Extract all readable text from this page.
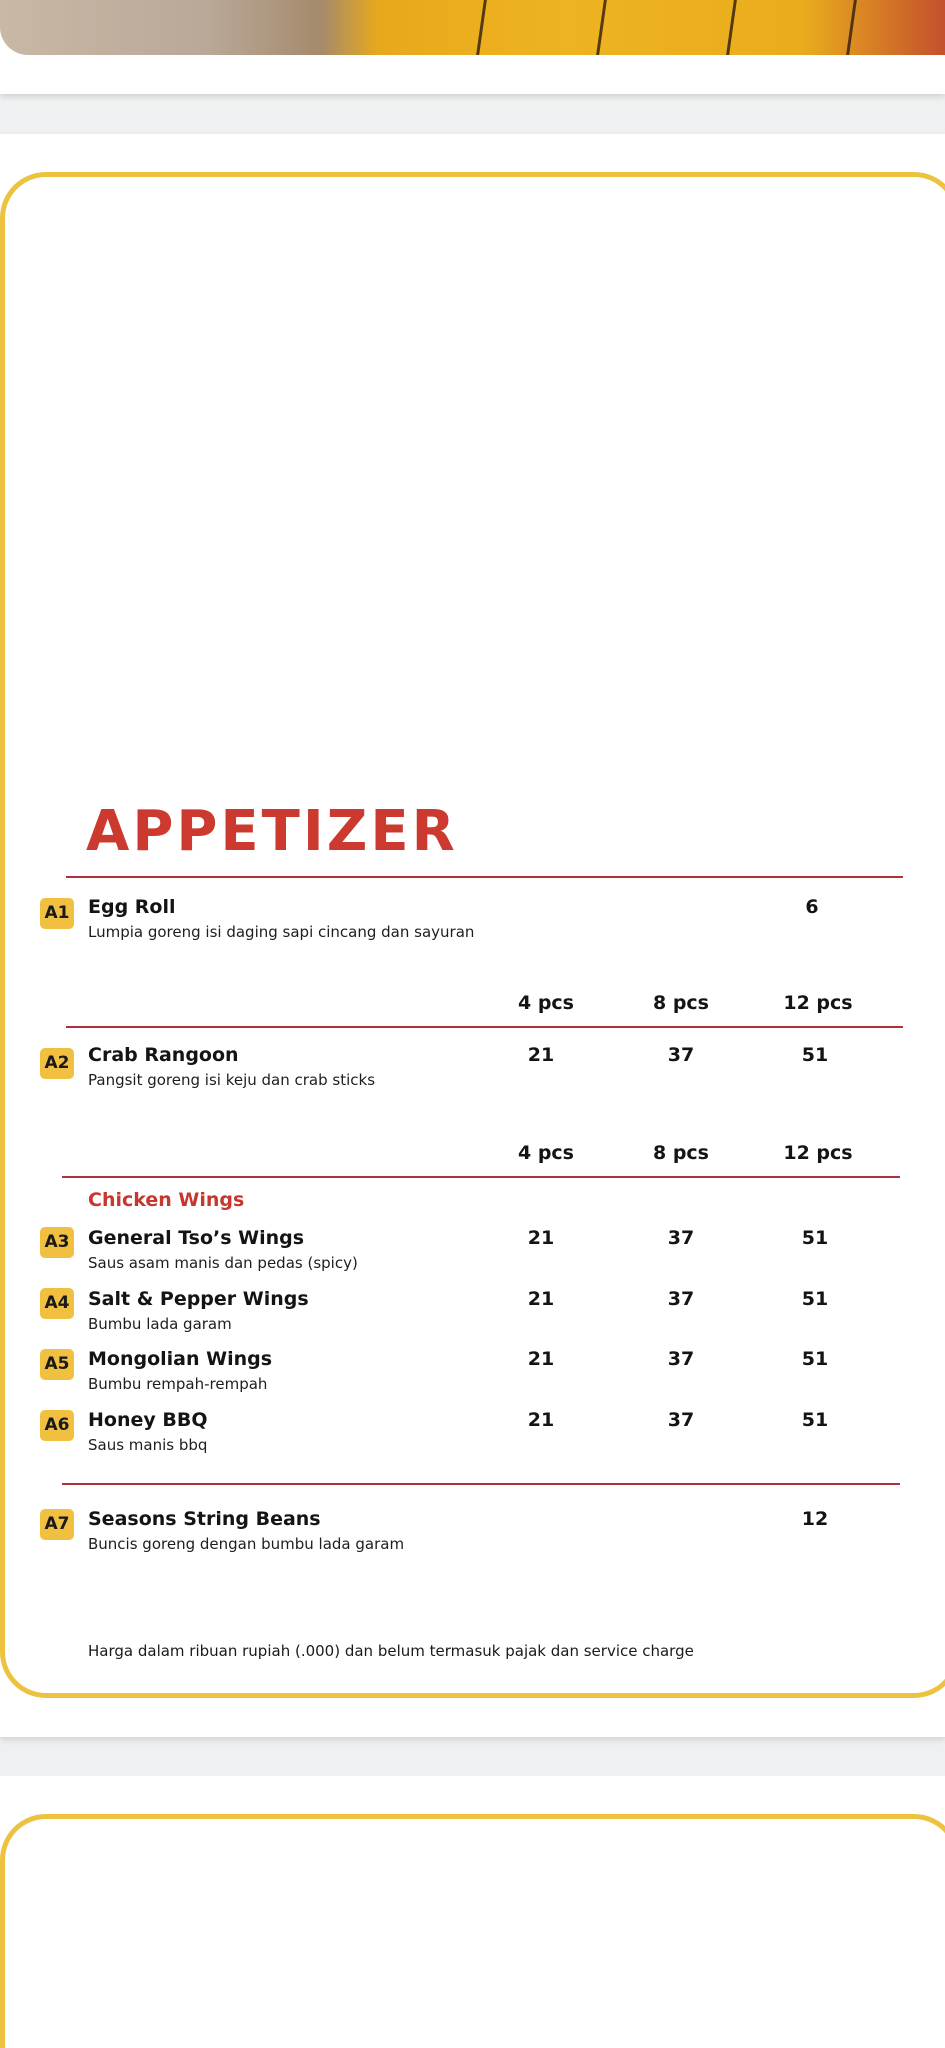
APPETIZER
A1 Egg Roll
Lumpia goreng isi daging sapi cincang dan sayuran
6
4 pcs	8 pcs	12 pcs
A2 Crab Rangoon
Pangsit goreng isi keju dan crab sticks
21	37	51
4 pcs	8 pcs	12 pcs
Chicken Wings
A3 General Tso’s Wings
Saus asam manis dan pedas (spicy)
21	37	51
A4 Salt & Pepper Wings
Bumbu lada garam
21	37	51
A5 Mongolian Wings
Bumbu rempah-rempah
21	37	51
A6 Honey BBQ
Saus manis bbq
21	37	51
A7 Seasons String Beans
Buncis goreng dengan bumbu lada garam
12
Harga dalam ribuan rupiah (.000) dan belum termasuk pajak dan service charge
